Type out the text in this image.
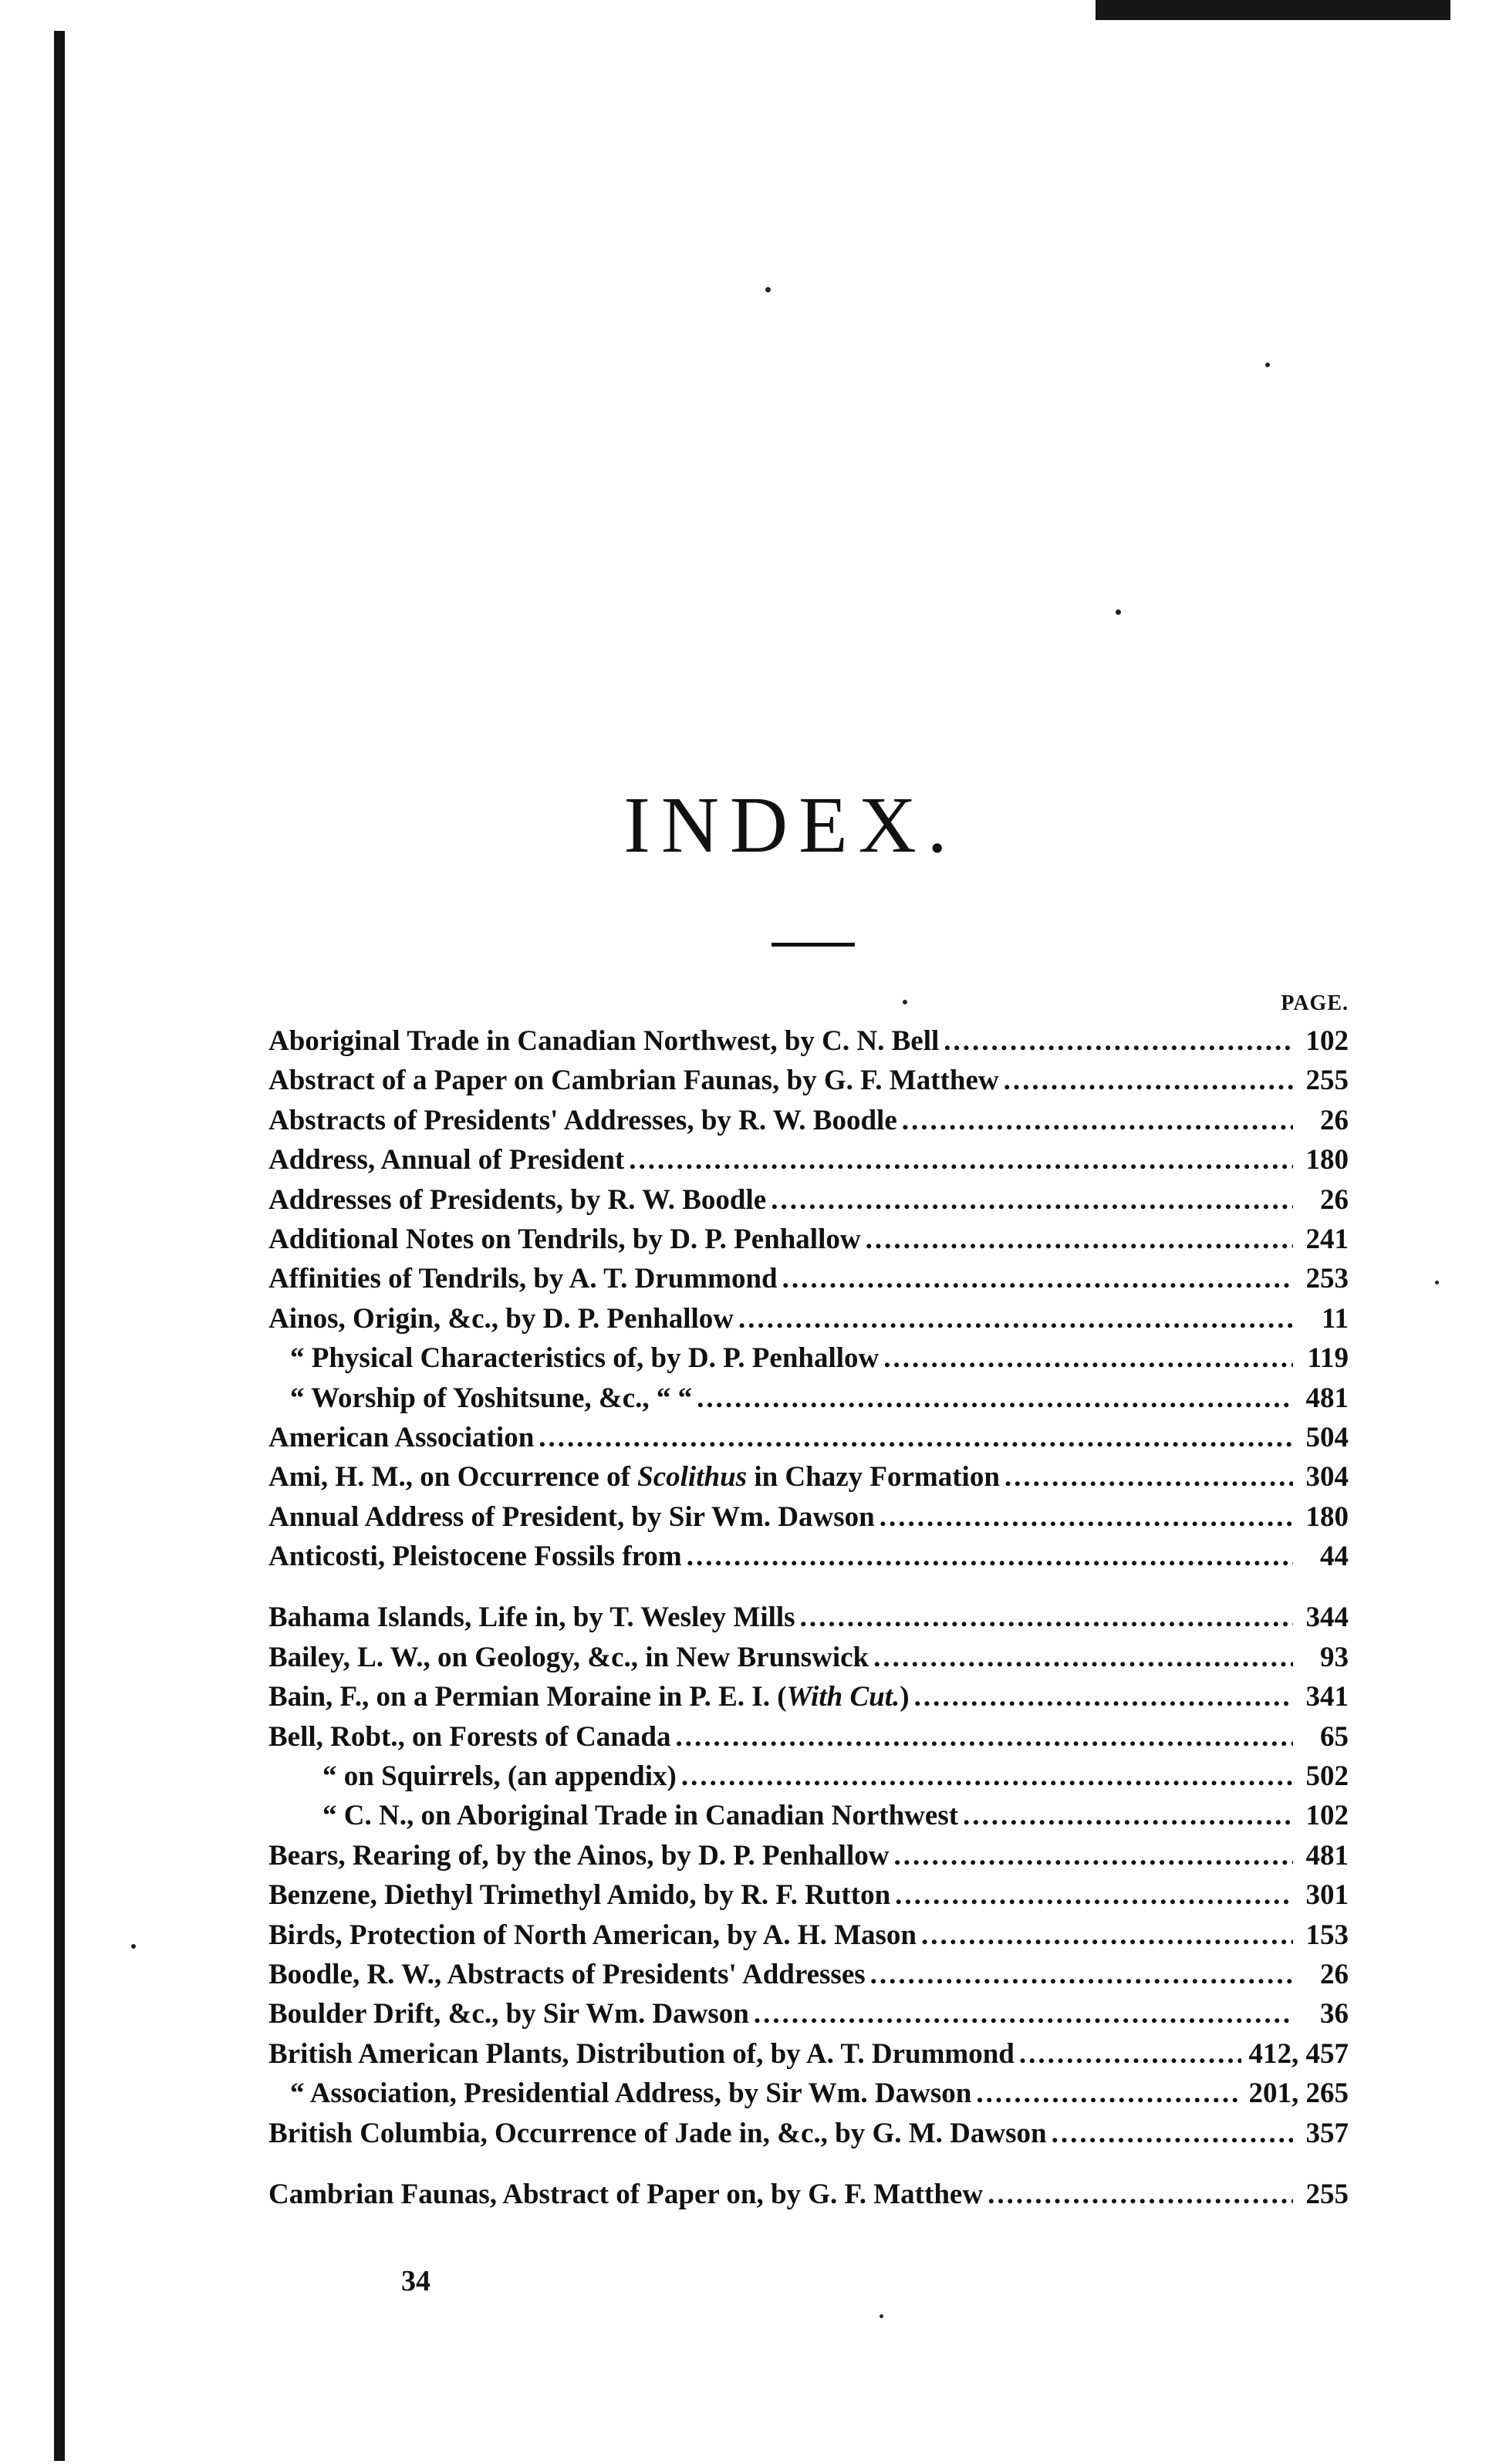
INDEX.
PAGE.
Aboriginal Trade in Canadian Northwest, by C. N. Bell .....	102
Abstract of a Paper on Cambrian Faunas, by G. F. Matthew .....	255
Abstracts of Presidents' Addresses, by R. W. Boodle .....	26
Address, Annual of President .....	180
Addresses of Presidents, by R. W. Boodle .....	26
Additional Notes on Tendrils, by D. P. Penhallow .....	241
Affinities of Tendrils, by A. T. Drummond .....	253
Ainos, Origin, &c., by D. P. Penhallow .....	11
“ Physical Characteristics of, by D. P. Penhallow .....	119
“ Worship of Yoshitsune, &c., “ “ .....	481
American Association .....	504
Ami, H. M., on Occurrence of Scolithus in Chazy Formation .....	304
Annual Address of President, by Sir Wm. Dawson .....	180
Anticosti, Pleistocene Fossils from .....	44
Bahama Islands, Life in, by T. Wesley Mills .....	344
Bailey, L. W., on Geology, &c., in New Brunswick .....	93
Bain, F., on a Permian Moraine in P. E. I. (With Cut.) .....	341
Bell, Robt., on Forests of Canada .....	65
“ on Squirrels, (an appendix) .....	502
“ C. N., on Aboriginal Trade in Canadian Northwest .....	102
Bears, Rearing of, by the Ainos, by D. P. Penhallow .....	481
Benzene, Diethyl Trimethyl Amido, by R. F. Rutton .....	301
Birds, Protection of North American, by A. H. Mason .....	153
Boodle, R. W., Abstracts of Presidents' Addresses .....	26
Boulder Drift, &c., by Sir Wm. Dawson .....	36
British American Plants, Distribution of, by A. T. Drummond .....	412, 457
“ Association, Presidential Address, by Sir Wm. Dawson .....	201, 265
British Columbia, Occurrence of Jade in, &c., by G. M. Dawson .....	357
Cambrian Faunas, Abstract of Paper on, by G. F. Matthew .....	255
34
